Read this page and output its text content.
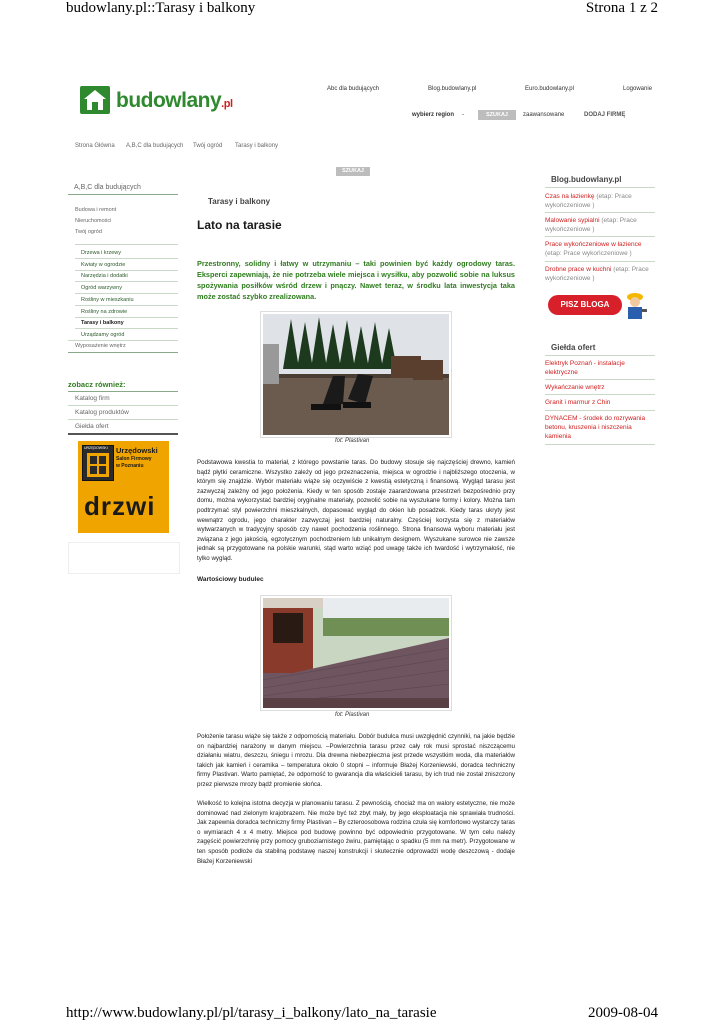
budowlany.pl::Tarasy i balkony	Strona 1 z 2
budowlany.pl
Abc dla budujących	Blog.budowlany.pl	Euro.budowlany.pl	Logowanie
wybierz region -	SZUKAJ	zaawansowane	DODAJ FIRMĘ
Strona Główna A,B,C dla budujących Twój ogród Tarasy i balkony
SZUKAJ
A,B,C dla budujących
Budowa i remont
Nieruchomości
Twój ogród
Drzewa i krzewy
Kwiaty w ogrodzie
Narzędzia i dodatki
Ogród warzywny
Rośliny w mieszkaniu
Rośliny na zdrowie
Tarasy i balkony
Urządzamy ogród
Wyposażenie wnętrz
zobacz również:
Katalog firm
Katalog produktów
Giełda ofert
URZĘDOWSKI Urzędowski
Salon Firmowy
w Poznaniu
drzwi
Tarasy i balkony
Lato na tarasie
Przestronny, solidny i łatwy w utrzymaniu – taki powinien być każdy ogrodowy taras. Eksperci zapewniają, że nie potrzeba wiele miejsca i wysiłku, aby pozwolić sobie na luksus spożywania posiłków wśród drzew i pnączy. Nawet teraz, w środku lata inwestycja taka może zostać szybko zrealizowana.
fot: Plastivan
Podstawowa kwestia to materiał, z którego powstanie taras. Do budowy stosuje się najczęściej drewno, kamień bądź płytki ceramiczne. Wszystko zależy od jego przeznaczenia, miejsca w ogrodzie i najbliższego otoczenia, w którym się znajdzie. Wybór materiału wiąże się oczywiście z kwestią estetyczną i finansową. Wygląd tarasu jest zazwyczaj zależny od jego położenia. Kiedy w ten sposób zostaje zaaranżowana przestrzeń bezpośrednio przy domu, można wykorzystać bardziej oryginalne materiały, pozwolić sobie na wyszukane formy i kolory. Można tam podtrzymać styl powierzchni mieszkalnych, dopasować wygląd do okien lub posadzek. Kiedy taras ukryty jest wewnątrz ogrodu, jego charakter zazwyczaj jest bardziej naturalny. Częściej korzysta się z materiałów wytwarzanych w tradycyjny sposób czy nawet pochodzenia roślinnego. Strona finansowa wyboru materiału jest związana z jego jakością, egzotycznym pochodzeniem lub unikalnym designem. Wyszukane surowce nie zawsze jednak są przygotowane na polskie warunki, stąd warto wziąć pod uwagę także ich twardość i wytrzymałość, nie tylko wygląd.
Wartościowy budulec
fot: Plastivan
Położenie tarasu wiąże się także z odpornością materiału. Dobór budulca musi uwzględnić czynniki, na jakie będzie on najbardziej narażony w danym miejscu. –Powierzchnia tarasu przez cały rok musi sprostać niszczącemu działaniu wiatru, deszczu, śniegu i mrozu. Dla drewna niebezpieczna jest przede wszystkim woda, dla materiałów takich jak kamień i ceramika – temperatura około 0 stopni – informuje Błażej Korzeniewski, doradca techniczny firmy Plastivan. Warto pamiętać, że odporność to gwarancja dla właścicieli tarasu, by ich trud nie został zniszczony przez pierwsze mrozy bądź promienie słońca.
Wielkość to kolejna istotna decyzja w planowaniu tarasu. Z pewnością, chociaż ma on walory estetyczne, nie może dominować nad zielonym krajobrazem. Nie może być też zbyt mały, by jego eksploatacja nie sprawiała trudności. Jak zapewnia doradca techniczny firmy Plastivan – By czteroosobowa rodzina czuła się komfortowo wystarczy taras o wymiarach 4 x 4 metry. Miejsce pod budowę powinno być odpowiednio przygotowane. W tym celu należy zagęścić powierzchnię przy pomocy gruboziarnistego żwiru, pamiętając o spadku (5 mm na metr). Przygotowane w ten sposób podłoże da stabilną podstawę naszej konstrukcji i skutecznie odprowadzi wodę deszczową - dodaje Błażej Korzeniewski
Blog.budowlany.pl
Czas na łazienkę (etap: Prace wykończeniowe )
Malowanie sypialni (etap: Prace wykończeniowe )
Prace wykończeniowe w łazience
(etap: Prace wykończeniowe )
Drobne prace w kuchni (etap: Prace wykończeniowe )
PISZ BLOGA
Giełda ofert
Elektryk Poznań - instalacje elektryczne
Wykańczanie wnętrz
Granit i marmur z Chin
DYNACEM - środek do rozrywania betonu, kruszenia i niszczenia kamienia
http://www.budowlany.pl/pl/tarasy_i_balkony/lato_na_tarasie	2009-08-04
